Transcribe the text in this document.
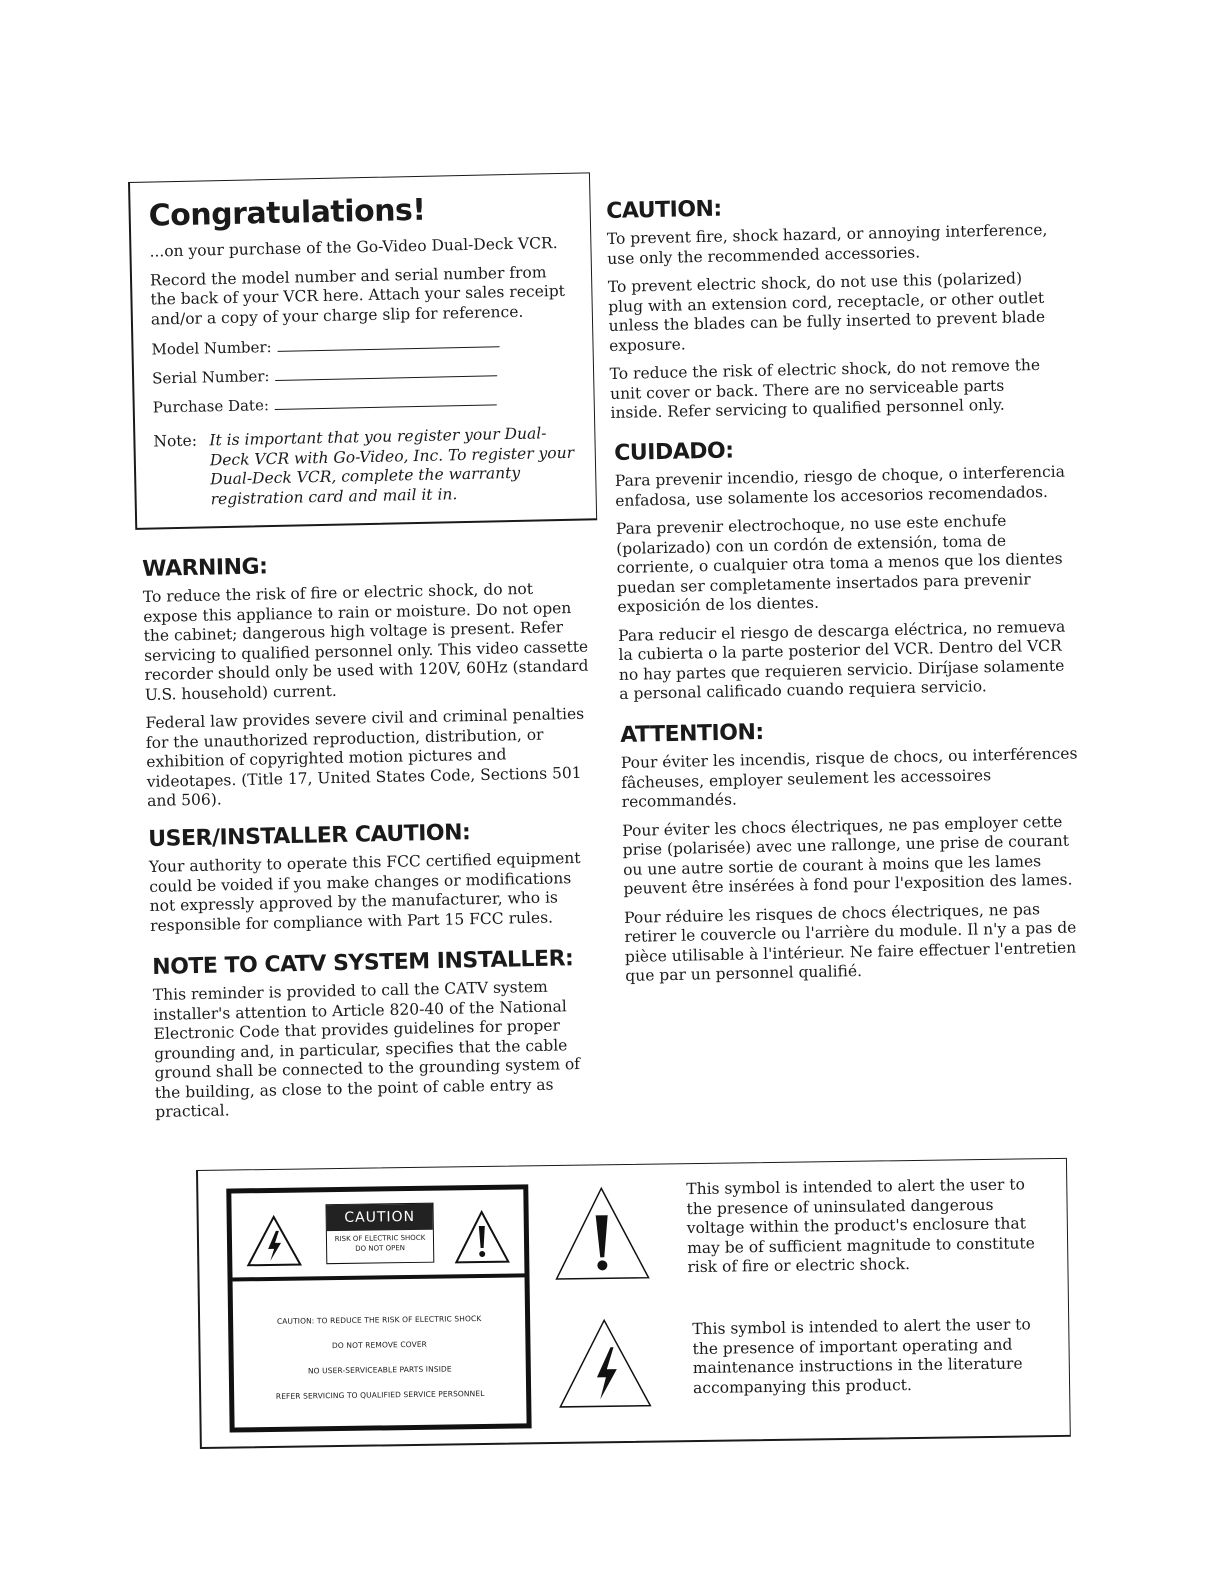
Congratulations!

...on your purchase of the Go-Video Dual-Deck VCR.

Record the model number and serial number from

the back of your VCR here. Attach your sales receipt

and/or a copy of your charge slip for reference.

Model Number:
Serial Number:
Purchase Date:
Note: It is important that you register your Dual-Deck VCR with Go-Video, Inc. To register your Dual-Deck VCR, complete the warranty registration card and mail it in.
WARNING:

To reduce the risk of fire or electric shock, do not expose this appliance to rain or moisture. Do not open the cabinet; dangerous high voltage is present. Refer servicing to qualified personnel only. This video cassette recorder should only be used with 120V, 60Hz (standard U.S. household) current.

Federal law provides severe civil and criminal penalties for the unauthorized reproduction, distribution, or exhibition of copyrighted motion pictures and videotapes. (Title 17, United States Code, Sections 501 and 506).

USER/INSTALLER CAUTION:

Your authority to operate this FCC certified equipment could be voided if you make changes or modifications not expressly approved by the manufacturer, who is responsible for compliance with Part 15 FCC rules.

NOTE TO CATV SYSTEM INSTALLER:

This reminder is provided to call the CATV system installer's attention to Article 820-40 of the National Electronic Code that provides guidelines for proper grounding and, in particular, specifies that the cable ground shall be connected to the grounding system of the building, as close to the point of cable entry as practical.

CAUTION:

To prevent fire, shock hazard, or annoying interference, use only the recommended accessories.

To prevent electric shock, do not use this (polarized) plug with an extension cord, receptacle, or other outlet unless the blades can be fully inserted to prevent blade exposure.

To reduce the risk of electric shock, do not remove the unit cover or back. There are no serviceable parts inside. Refer servicing to qualified personnel only.

CUIDADO:

Para prevenir incendio, riesgo de choque, o interferencia enfadosa, use solamente los accesorios recomendados.

Para prevenir electrochoque, no use este enchufe (polarizado) con un cordón de extensión, toma de corriente, o cualquier otra toma a menos que los dientes puedan ser completamente insertados para prevenir exposición de los dientes.

Para reducir el riesgo de descarga eléctrica, no remueva la cubierta o la parte posterior del VCR. Dentro del VCR no hay partes que requieren servicio. Diríjase solamente a personal calificado cuando requiera servicio.

ATTENTION:

Pour éviter les incendis, risque de chocs, ou interférences fâcheuses, employer seulement les accessoires recommandés.

Pour éviter les chocs électriques, ne pas employer cette prise (polarisée) avec une rallonge, une prise de courant ou une autre sortie de courant à moins que les lames peuvent être insérées à fond pour l'exposition des lames.

Pour réduire les risques de chocs électriques, ne pas retirer le couvercle ou l'arrière du module. Il n'y a pas de pièce utilisable à l'intérieur. Ne faire effectuer l'entretien que par un personnel qualifié.

CAUTION
RISK OF ELECTRIC SHOCK
DO NOT OPEN
CAUTION: TO REDUCE THE RISK OF ELECTRIC SHOCK
DO NOT REMOVE COVER
NO USER-SERVICEABLE PARTS INSIDE
REFER SERVICING TO QUALIFIED SERVICE PERSONNEL
This symbol is intended to alert the user to the presence of uninsulated dangerous voltage within the product's enclosure that may be of sufficient magnitude to constitute risk of fire or electric shock.
This symbol is intended to alert the user to the presence of important operating and maintenance instructions in the literature accompanying this product.
